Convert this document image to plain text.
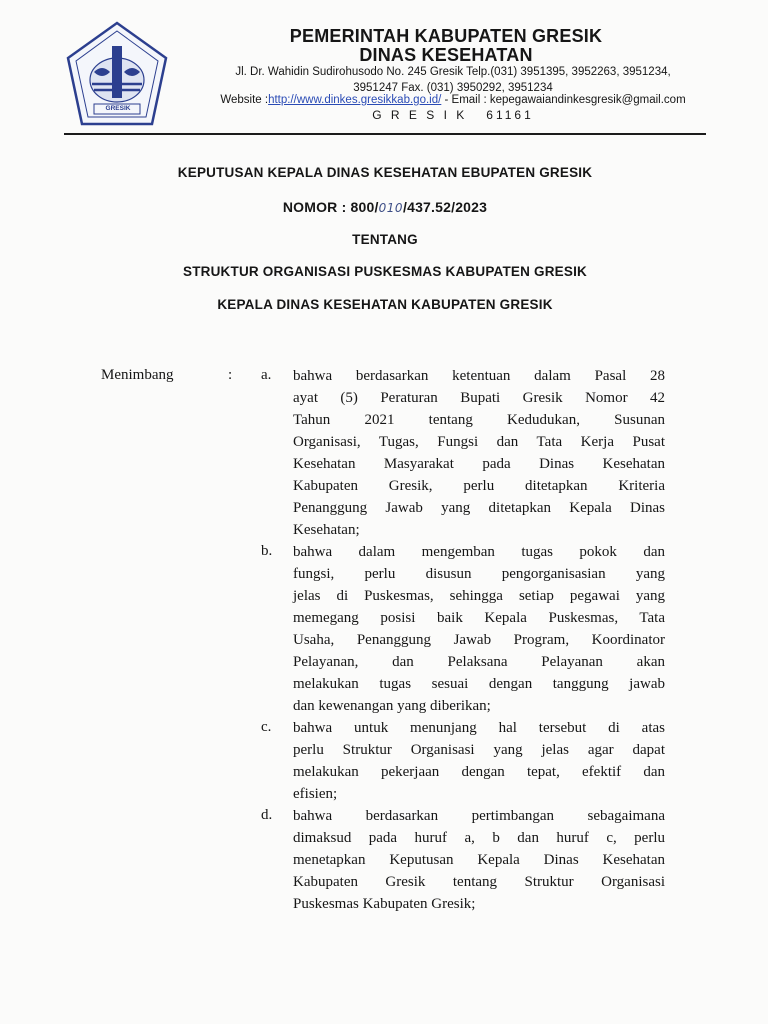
GRESIK
PEMERINTAH KABUPATEN GRESIK
DINAS KESEHATAN
Jl. Dr. Wahidin Sudirohusodo No. 245 Gresik Telp.(031) 3951395, 3952263, 3951234,
3951247 Fax. (031) 3950292, 3951234
Website :http://www.dinkes.gresikkab.go.id/ - Email : kepegawaiandinkesgresik@gmail.com
G R E S I K   61161
KEPUTUSAN KEPALA DINAS KESEHATAN EBUPATEN GRESIK
NOMOR : 800/010/437.52/2023
TENTANG
STRUKTUR ORGANISASI PUSKESMAS KABUPATEN GRESIK
KEPALA DINAS KESEHATAN KABUPATEN GRESIK
Menimbang	: a. bahwa berdasarkan ketentuan dalam Pasal 28
ayat (5) Peraturan Bupati Gresik Nomor 42
Tahun 2021 tentang Kedudukan, Susunan
Organisasi, Tugas, Fungsi dan Tata Kerja Pusat
Kesehatan Masyarakat pada Dinas Kesehatan
Kabupaten Gresik, perlu ditetapkan Kriteria
Penanggung Jawab yang ditetapkan Kepala Dinas
Kesehatan;
b. bahwa dalam mengemban tugas pokok dan
fungsi, perlu disusun pengorganisasian yang
jelas di Puskesmas, sehingga setiap pegawai yang
memegang posisi baik Kepala Puskesmas, Tata
Usaha, Penanggung Jawab Program, Koordinator
Pelayanan, dan Pelaksana Pelayanan akan
melakukan tugas sesuai dengan tanggung jawab
dan kewenangan yang diberikan;
c. bahwa untuk menunjang hal tersebut di atas
perlu Struktur Organisasi yang jelas agar dapat
melakukan pekerjaan dengan tepat, efektif dan
efisien;
d. bahwa berdasarkan pertimbangan sebagaimana
dimaksud pada huruf a, b dan huruf c, perlu
menetapkan Keputusan Kepala Dinas Kesehatan
Kabupaten Gresik tentang Struktur Organisasi
Puskesmas Kabupaten Gresik;
